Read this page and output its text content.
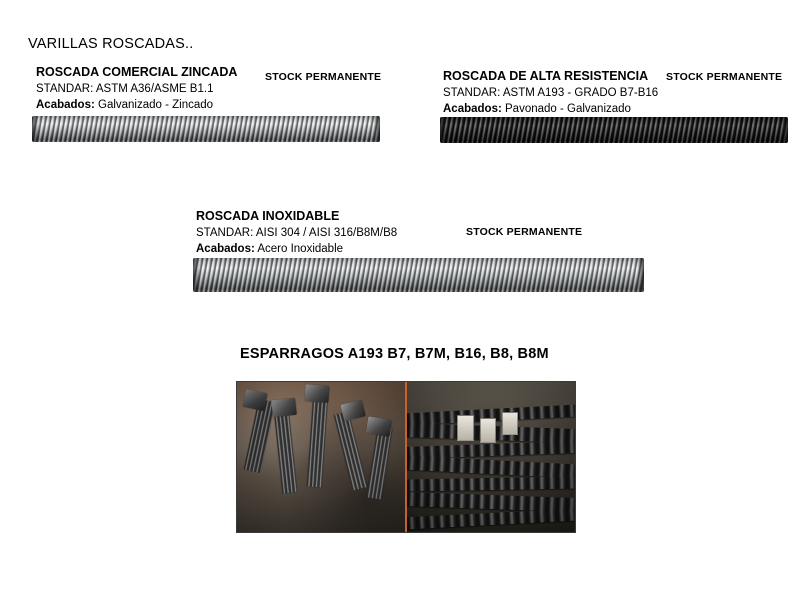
VARILLAS ROSCADAS..
ROSCADA COMERCIAL ZINCADA
STANDAR: ASTM A36/ASME B1.1
Acabados: Galvanizado - Zincado
STOCK PERMANENTE	ROSCADA DE ALTA RESISTENCIA
STANDAR: ASTM A193 - GRADO B7-B16
Acabados: Pavonado - Galvanizado
STOCK PERMANENTE
ROSCADA INOXIDABLE
STANDAR: AISI 304 / AISI 316/B8M/B8
Acabados: Acero Inoxidable
STOCK PERMANENTE
ESPARRAGOS A193 B7, B7M, B16, B8, B8M
